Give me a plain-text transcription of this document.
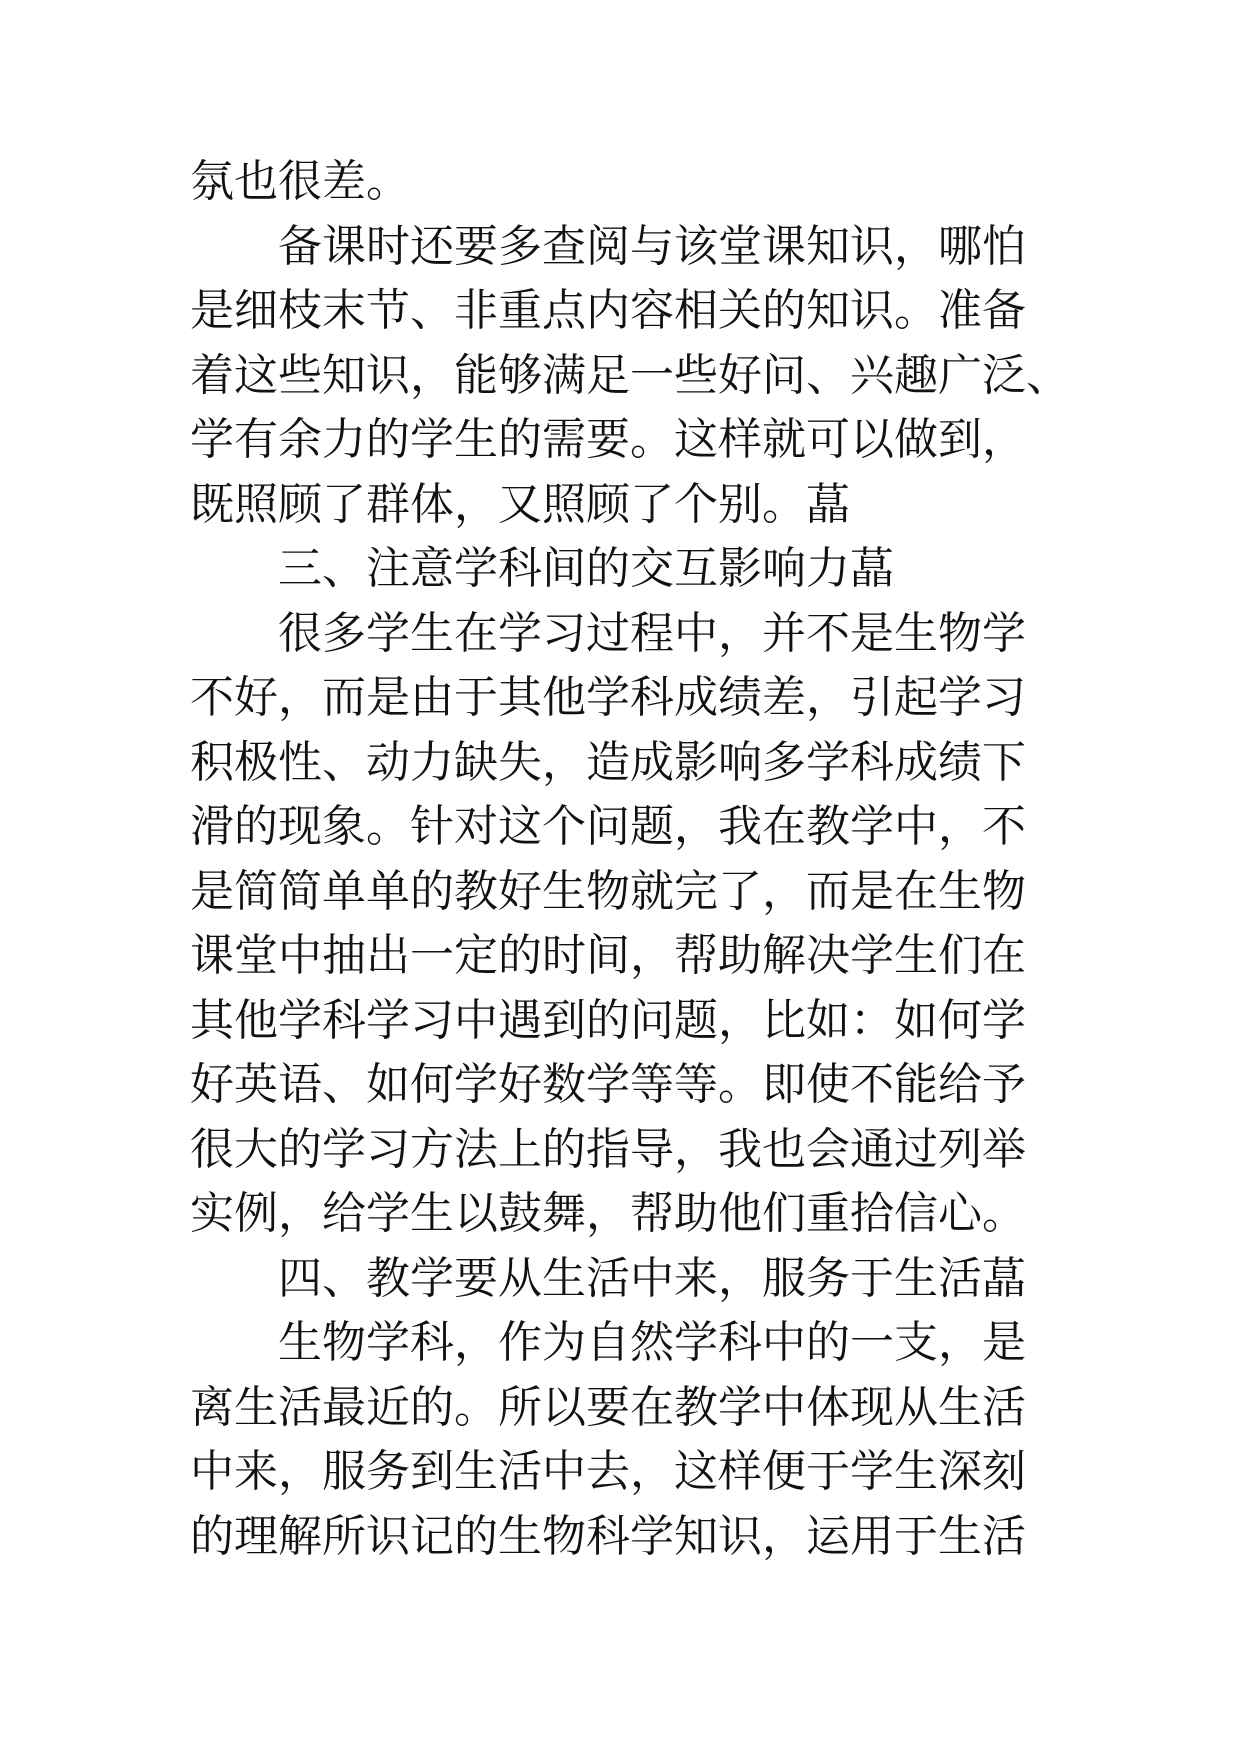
氛也很差。
　　备课时还要多查阅与该堂课知识，哪怕
是细枝末节、非重点内容相关的知识。准备
着这些知识，能够满足一些好问、兴趣广泛、
学有余力的学生的需要。这样就可以做到，
既照顾了群体，又照顾了个别。蕌
　　三、注意学科间的交互影响力蕌
　　很多学生在学习过程中，并不是生物学
不好，而是由于其他学科成绩差，引起学习
积极性、动力缺失，造成影响多学科成绩下
滑的现象。针对这个问题，我在教学中，不
是简简单单的教好生物就完了，而是在生物
课堂中抽出一定的时间，帮助解决学生们在
其他学科学习中遇到的问题，比如：如何学
好英语、如何学好数学等等。即使不能给予
很大的学习方法上的指导，我也会通过列举
实例，给学生以鼓舞，帮助他们重拾信心。
　　四、教学要从生活中来，服务于生活蕌
　　生物学科，作为自然学科中的一支，是
离生活最近的。所以要在教学中体现从生活
中来，服务到生活中去，这样便于学生深刻
的理解所识记的生物科学知识，运用于生活
